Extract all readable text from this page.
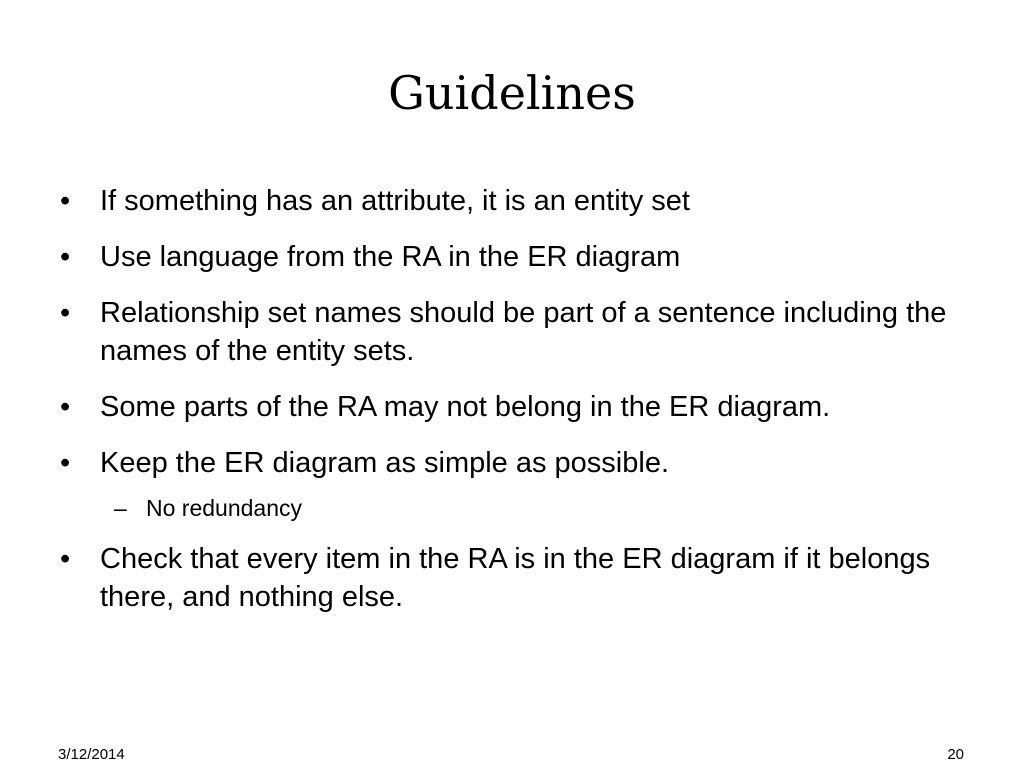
Guidelines
• If something has an attribute, it is an entity set
• Use language from the RA in the ER diagram
• Relationship set names should be part of a sentence including the names of the entity sets.
• Some parts of the RA may not belong in the ER diagram.
• Keep the ER diagram as simple as possible.
– No redundancy
• Check that every item in the RA is in the ER diagram if it belongs there, and nothing else.
3/12/2014	20
